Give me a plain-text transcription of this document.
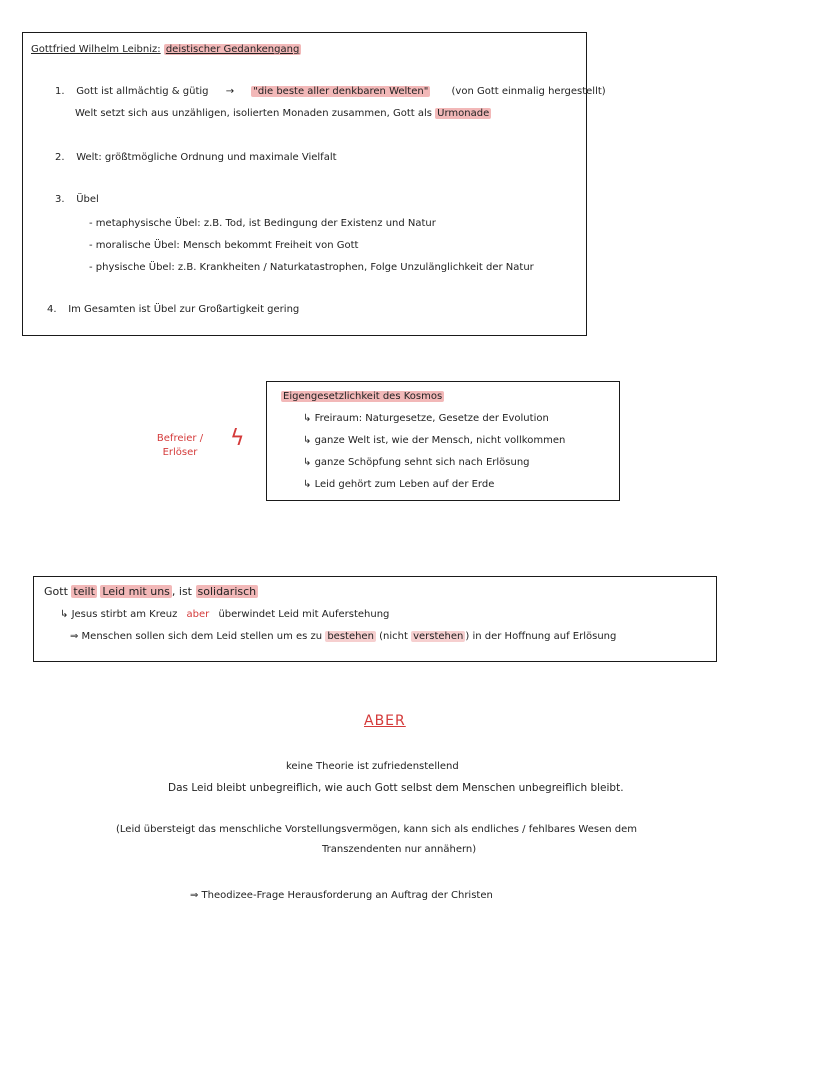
Gottfried Wilhelm Leibniz: deistischer Gedankengang
1. Gott ist allmächtig & gütig → "die beste aller denkbaren Welten" (von Gott einmalig hergestellt)
Welt setzt sich aus unzähligen, isolierten Monaden zusammen, Gott als Urmonade
2. Welt: größtmögliche Ordnung und maximale Vielfalt
3. Übel
- metaphysische Übel: z.B. Tod, ist Bedingung der Existenz und Natur
- moralische Übel: Mensch bekommt Freiheit von Gott
- physische Übel: z.B. Krankheiten / Naturkatastrophen, Folge Unzulänglichkeit der Natur
4. Im Gesamten ist Übel zur Großartigkeit gering
Befreier /
Erlöser
ϟ
Eigengesetzlichkeit des Kosmos
↳ Freiraum: Naturgesetze, Gesetze der Evolution
↳ ganze Welt ist, wie der Mensch, nicht vollkommen
↳ ganze Schöpfung sehnt sich nach Erlösung
↳ Leid gehört zum Leben auf der Erde
Gott teilt Leid mit uns , ist solidarisch
↳ Jesus stirbt am Kreuz aber überwindet Leid mit Auferstehung
⇒ Menschen sollen sich dem Leid stellen um es zu bestehen (nicht verstehen ) in der Hoffnung auf Erlösung
ABER
keine Theorie ist zufriedenstellend
Das Leid bleibt unbegreiflich, wie auch Gott selbst dem Menschen unbegreiflich bleibt.
(Leid übersteigt das menschliche Vorstellungsvermögen, kann sich als endliches / fehlbares Wesen dem
Transzendenten nur annähern)
⇒ Theodizee-Frage Herausforderung an Auftrag der Christen
